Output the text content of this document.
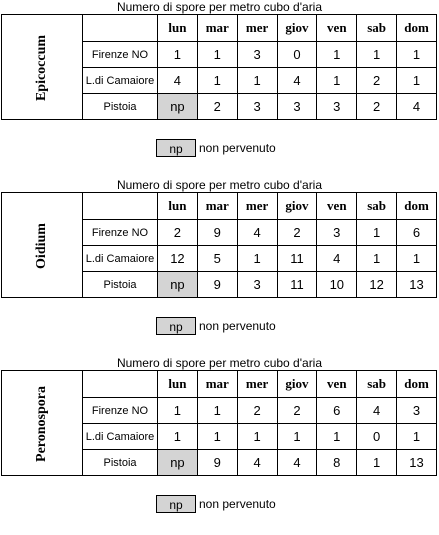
Numero di spore per metro cubo d'aria
Epicoccum		lun	mar	mer	giov	ven	sab	dom
	Firenze NO	1	1	3	0	1	1	1
	L.di Camaiore	4	1	1	4	1	2	1
	Pistoia	np	2	3	3	3	2	4
np	non pervenuto
Numero di spore per metro cubo d'aria
Oidium		lun	mar	mer	giov	ven	sab	dom
	Firenze NO	2	9	4	2	3	1	6
	L.di Camaiore	12	5	1	11	4	1	1
	Pistoia	np	9	3	11	10	12	13
np	non pervenuto
Numero di spore per metro cubo d'aria
Peronospora		lun	mar	mer	giov	ven	sab	dom
	Firenze NO	1	1	2	2	6	4	3
	L.di Camaiore	1	1	1	1	1	0	1
	Pistoia	np	9	4	4	8	1	13
np	non pervenuto
